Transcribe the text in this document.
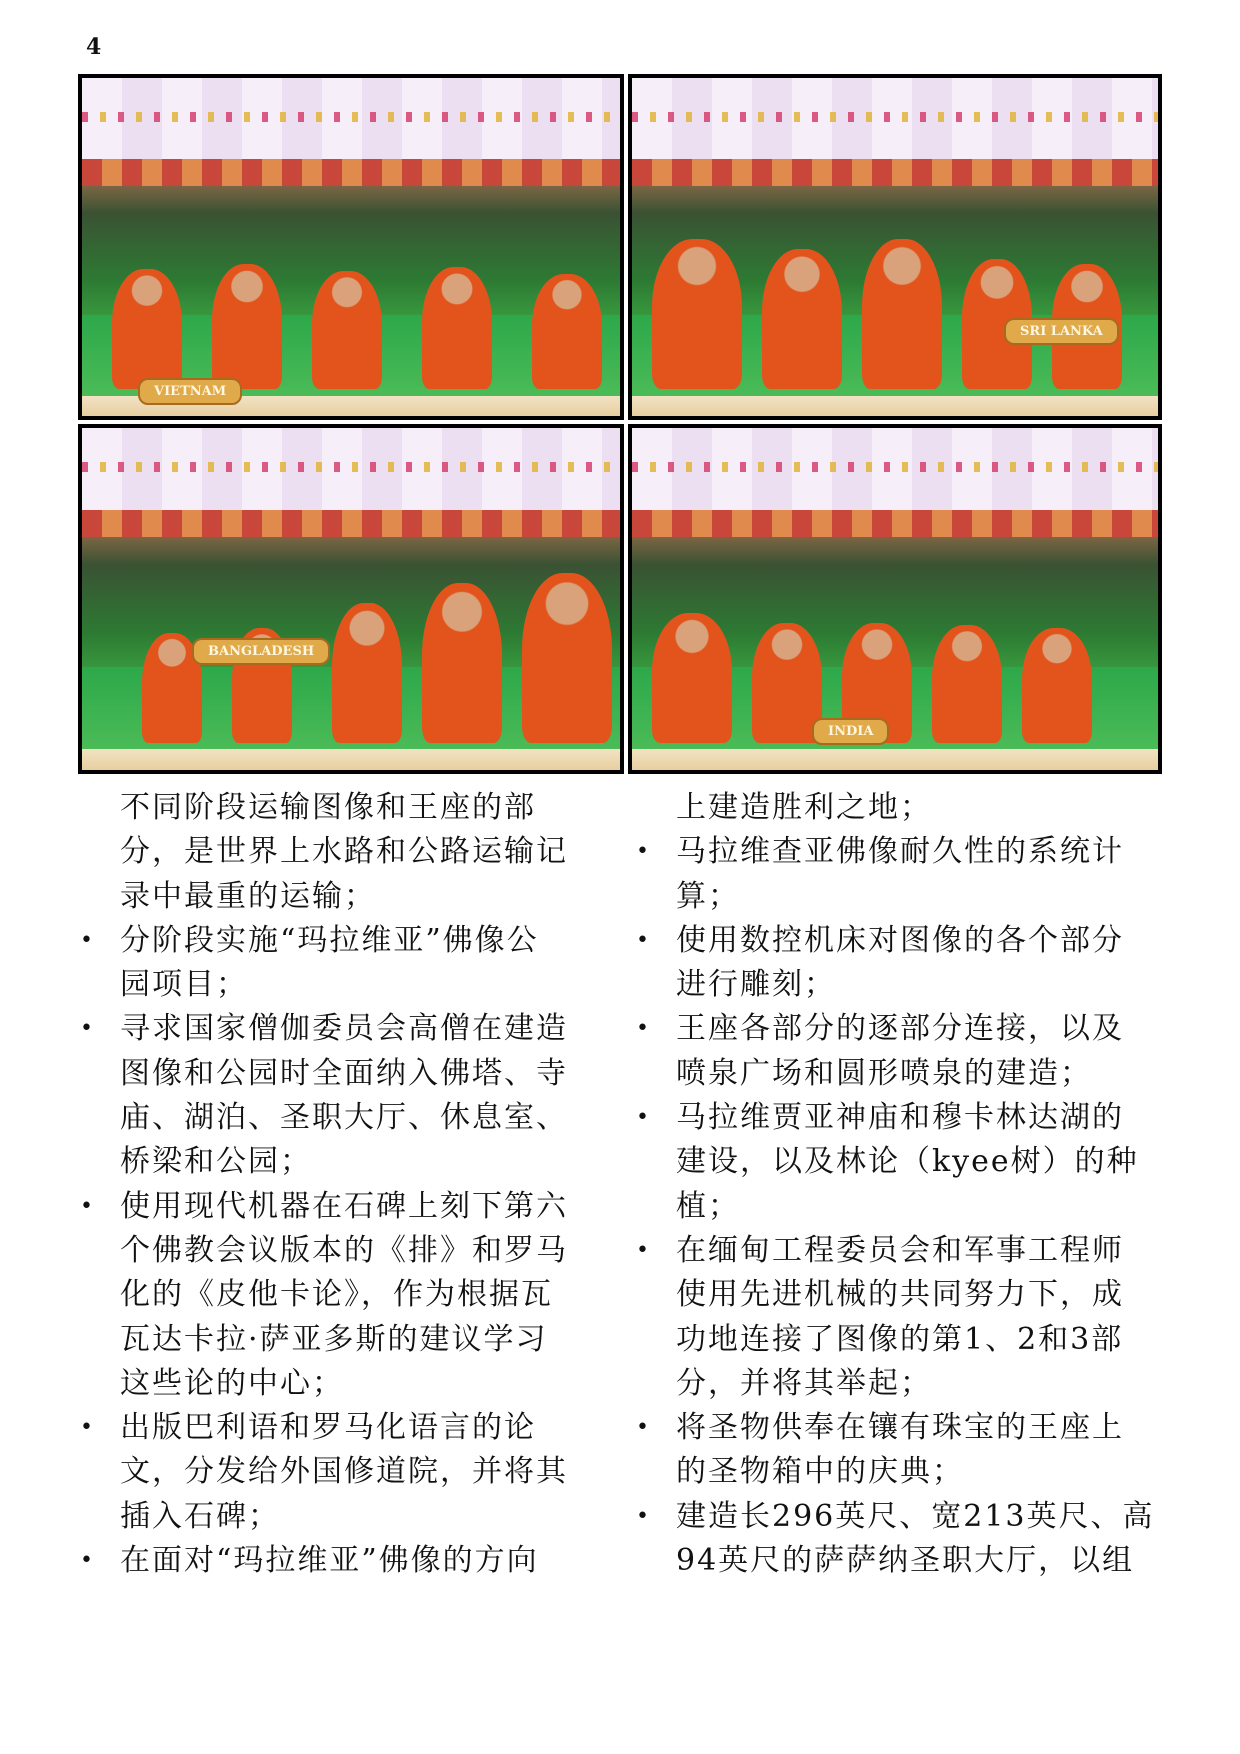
4
VIETNAM
SRI LANKA
BANGLADESH
INDIA
不同阶段运输图像和王座的部
分，是世界上水路和公路运输记
录中最重的运输；
• 分阶段实施“玛拉维亚”佛像公
园项目；
• 寻求国家僧伽委员会高僧在建造
图像和公园时全面纳入佛塔、寺
庙、湖泊、圣职大厅、休息室、
桥梁和公园；
• 使用现代机器在石碑上刻下第六
个佛教会议版本的《排》和罗马
化的《皮他卡论》，作为根据瓦
瓦达卡拉·萨亚多斯的建议学习
这些论的中心；
• 出版巴利语和罗马化语言的论
文，分发给外国修道院，并将其
插入石碑；
• 在面对“玛拉维亚”佛像的方向
上建造胜利之地；
• 马拉维查亚佛像耐久性的系统计
算；
• 使用数控机床对图像的各个部分
进行雕刻；
• 王座各部分的逐部分连接，以及
喷泉广场和圆形喷泉的建造；
• 马拉维贾亚神庙和穆卡林达湖的
建设，以及林论（kyee树）的种
植；
• 在缅甸工程委员会和军事工程师
使用先进机械的共同努力下，成
功地连接了图像的第1、2和3部
分，并将其举起；
• 将圣物供奉在镶有珠宝的王座上
的圣物箱中的庆典；
• 建造长296英尺、宽213英尺、高
94英尺的萨萨纳圣职大厅，以组
